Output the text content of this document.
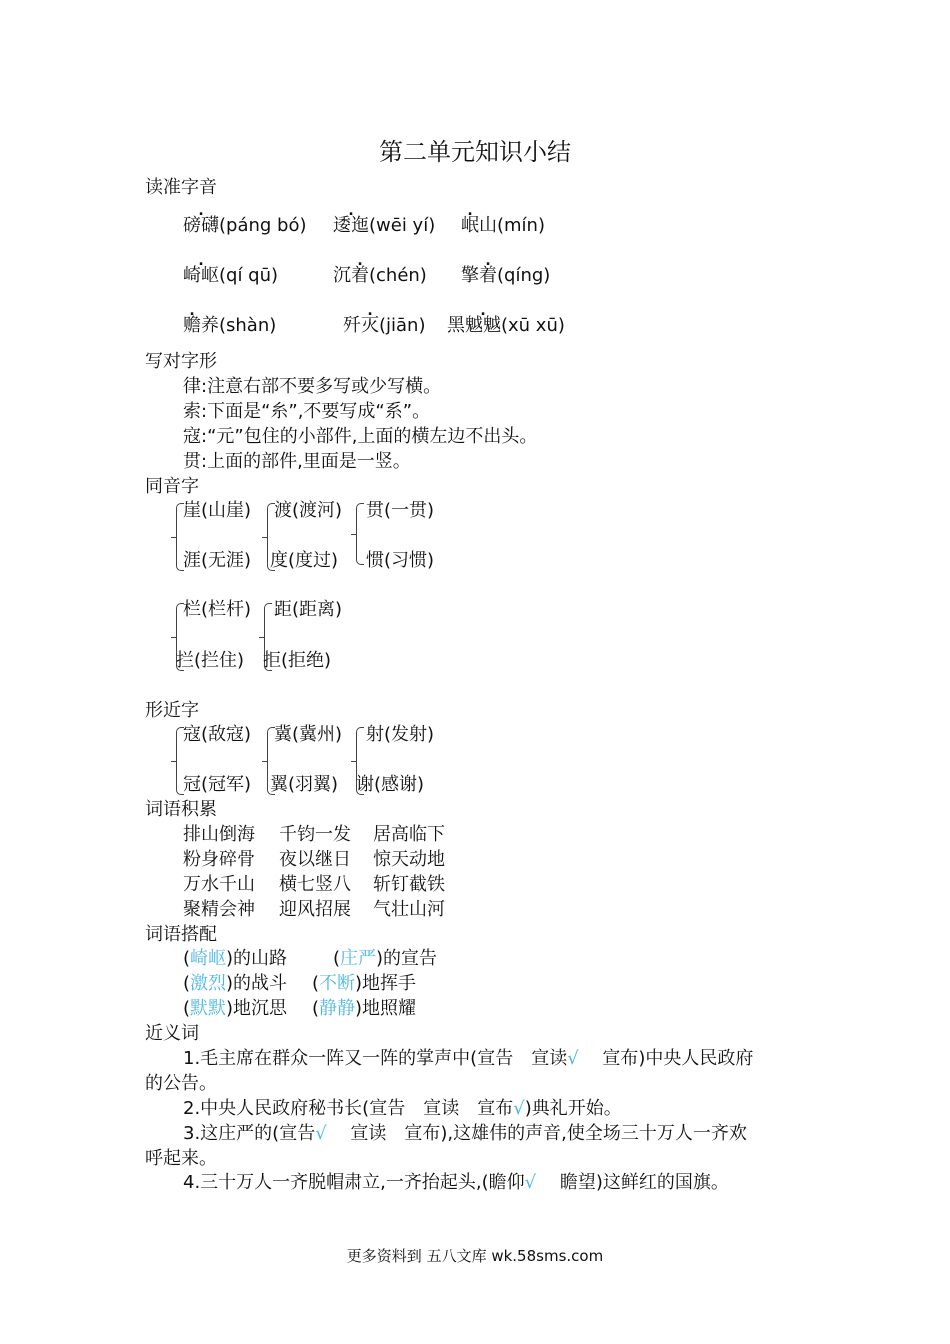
第二单元知识小结
读准字音
磅礴(páng bó) 逶迤(wēi yí) 岷山(mín)
崎岖(qí qū)	沉着(chén) 擎着(qíng)
赡养(shàn)	歼灭(jiān) 黑魆魆(xū xū)
写对字形
律:注意右部不要多写或少写横。
索:下面是“糸”,不要写成“系”。
寇:“元”包住的小部件,上面的横左边不出头。
贯:上面的部件,里面是一竖。
同音字
崖(山崖)
涯(无涯)
渡(渡河)
度(度过)
贯(一贯)
惯(习惯)
栏(栏杆)
拦(拦住)
距(距离)
拒(拒绝)
形近字
寇(敌寇)
冠(冠军)
冀(冀州)
翼(羽翼)
射(发射)
谢(感谢)
词语积累
排山倒海 千钧一发 居高临下
粉身碎骨 夜以继日 惊天动地
万水千山 横七竖八 斩钉截铁
聚精会神 迎风招展 气壮山河
词语搭配
(崎岖)的山路	(庄严)的宣告
(激烈)的战斗 (不断)地挥手
(默默)地沉思 (静静)地照耀
近义词
1.毛主席在群众一阵又一阵的掌声中(宣告　宣读√　 宣布)中央人民政府
的公告。
2.中央人民政府秘书长(宣告　宣读　宣布√)典礼开始。
3.这庄严的(宣告√　 宣读　宣布),这雄伟的声音,使全场三十万人一齐欢
呼起来。
4.三十万人一齐脱帽肃立,一齐抬起头,(瞻仰√　 瞻望)这鲜红的国旗。
更多资料到 五八文库 wk.58sms.com
